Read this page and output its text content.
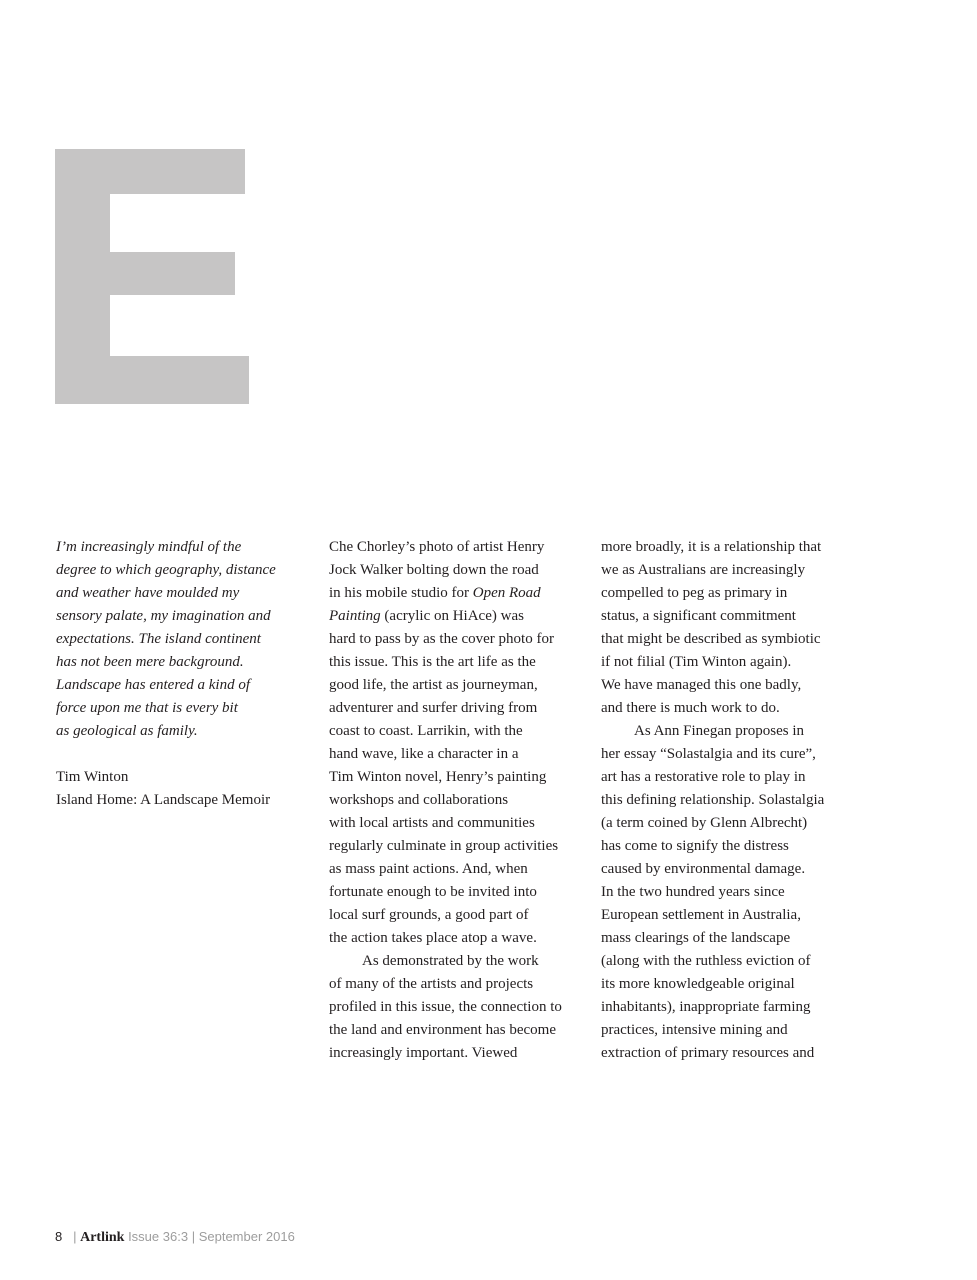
I’m increasingly mindful of the
degree to which geography, distance
and weather have moulded my
sensory palate, my imagination and
expectations. The island continent
has not been mere background.
Landscape has entered a kind of
force upon me that is every bit
as geological as family.
Tim Winton
Island Home: A Landscape Memoir
Che Chorley’s photo of artist Henry
Jock Walker bolting down the road
in his mobile studio for Open Road
Painting (acrylic on HiAce) was
hard to pass by as the cover photo for
this issue. This is the art life as the
good life, the artist as journeyman,
adventurer and surfer driving from
coast to coast. Larrikin, with the
hand wave, like a character in a
Tim Winton novel, Henry’s painting
workshops and collaborations
with local artists and communities
regularly culminate in group activities
as mass paint actions. And, when
fortunate enough to be invited into
local surf grounds, a good part of
the action takes place atop a wave.
As demonstrated by the work
of many of the artists and projects
profiled in this issue, the connection to
the land and environment has become
increasingly important. Viewed
more broadly, it is a relationship that
we as Australians are increasingly
compelled to peg as primary in
status, a significant commitment
that might be described as symbiotic
if not filial (Tim Winton again).
We have managed this one badly,
and there is much work to do.
As Ann Finegan proposes in
her essay “Solastalgia and its cure”,
art has a restorative role to play in
this defining relationship. Solastalgia
(a term coined by Glenn Albrecht)
has come to signify the distress
caused by environmental damage.
In the two hundred years since
European settlement in Australia,
mass clearings of the landscape
(along with the ruthless eviction of
its more knowledgeable original
inhabitants), inappropriate farming
practices, intensive mining and
extraction of primary resources and
8 | Artlink Issue 36:3 | September 2016
